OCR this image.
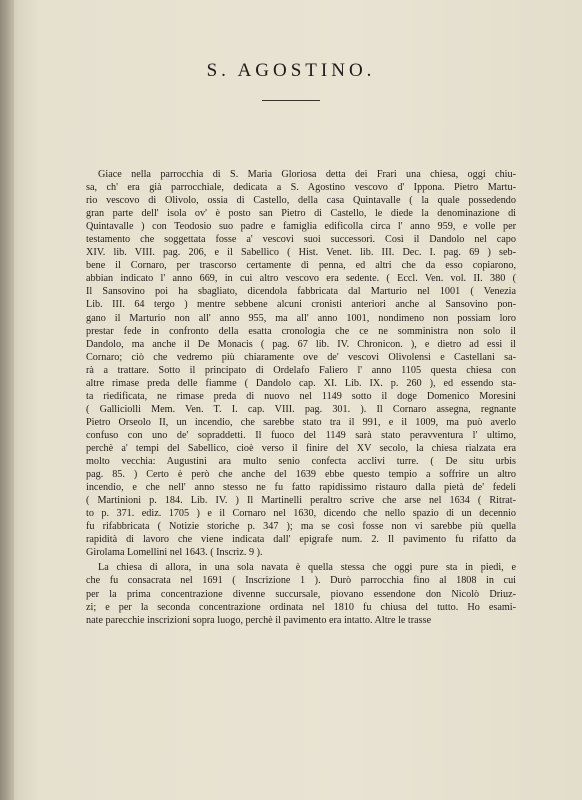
S. AGOSTINO.
Giace nella parrocchia di S. Maria Gloriosa detta dei Frari una chiesa, oggi chiu-
sa, ch' era già parrocchiale, dedicata a S. Agostino vescovo d' Ippona. Pietro Martu-
rio vescovo di Olivolo, ossia di Castello, della casa Quintavalle ( la quale possedendo
gran parte dell' isola ov' è posto san Pietro di Castello, le diede la denominazione di
Quintavalle ) con Teodosio suo padre e famiglia edificolla circa l' anno 959, e volle per
testamento che soggettata fosse a' vescovi suoi successori. Così il Dandolo nel capo
XIV. lib. VIII. pag. 206, e il Sabellico ( Hist. Venet. lib. III. Dec. I. pag. 69 ) seb-
bene il Cornaro, per trascorso certamente di penna, ed altri che da esso copiarono,
abbian indicato l' anno 669, in cui altro vescovo era sedente. ( Eccl. Ven. vol. II. 380 (
Il Sansovino poi ha sbagliato, dicendola fabbricata dal Marturio nel 1001 ( Venezia
Lib. III. 64 tergo ) mentre sebbene alcuni cronisti anteriori anche al Sansovino pon-
gano il Marturio non all' anno 955, ma all' anno 1001, nondimeno non possiam loro
prestar fede in confronto della esatta cronologia che ce ne somministra non solo il
Dandolo, ma anche il De Monacis ( pag. 67 lib. IV. Chronicon. ), e dietro ad essi il
Cornaro; ciò che vedremo più chiaramente ove de' vescovi Olivolensi e Castellani sa-
rà a trattare. Sotto il principato di Ordelafo Faliero l' anno 1105 questa chiesa con
altre rimase preda delle fiamme ( Dandolo cap. XI. Lib. IX. p. 260 ), ed essendo sta-
ta riedificata, ne rimase preda di nuovo nel 1149 sotto il doge Domenico Moresini
( Galliciolli Mem. Ven. T. I. cap. VIII. pag. 301. ). Il Cornaro assegna, regnante
Pietro Orseolo II, un incendio, che sarebbe stato tra il 991, e il 1009, ma può averlo
confuso con uno de' sopraddetti. Il fuoco del 1149 sarà stato peravventura l' ultimo,
perchè a' tempi del Sabellico, cioè verso il finire del XV secolo, la chiesa rialzata era
molto vecchia: Augustini ara multo senio confecta acclivi turre. ( De situ urbis
pag. 85. ) Certo è però che anche del 1639 ebbe questo tempio a soffrire un altro
incendio, e che nell' anno stesso ne fu fatto rapidissimo ristauro dalla pietà de' fedeli
( Martinioni p. 184. Lib. IV. ) Il Martinelli peraltro scrive che arse nel 1634 ( Ritrat-
to p. 371. ediz. 1705 ) e il Cornaro nel 1630, dicendo che nello spazio di un decennio
fu rifabbricata ( Notizie storiche p. 347 ); ma se così fosse non vi sarebbe più quella
rapidità di lavoro che viene indicata dall' epigrafe num. 2. Il pavimento fu rifatto da
Girolama Lomellini nel 1643. ( Inscriz. 9 ).
La chiesa di allora, in una sola navata è quella stessa che oggi pure sta in piedi, e
che fu consacrata nel 1691 ( Inscrizione 1 ). Durò parrocchia fino al 1808 in cui
per la prima concentrazione divenne succursale, piovano essendone don Nicolò Driuz-
zi; e per la seconda concentrazione ordinata nel 1810 fu chiusa del tutto. Ho esami-
nate parecchie inscrizioni sopra luogo, perchè il pavimento era intatto. Altre le trasse
